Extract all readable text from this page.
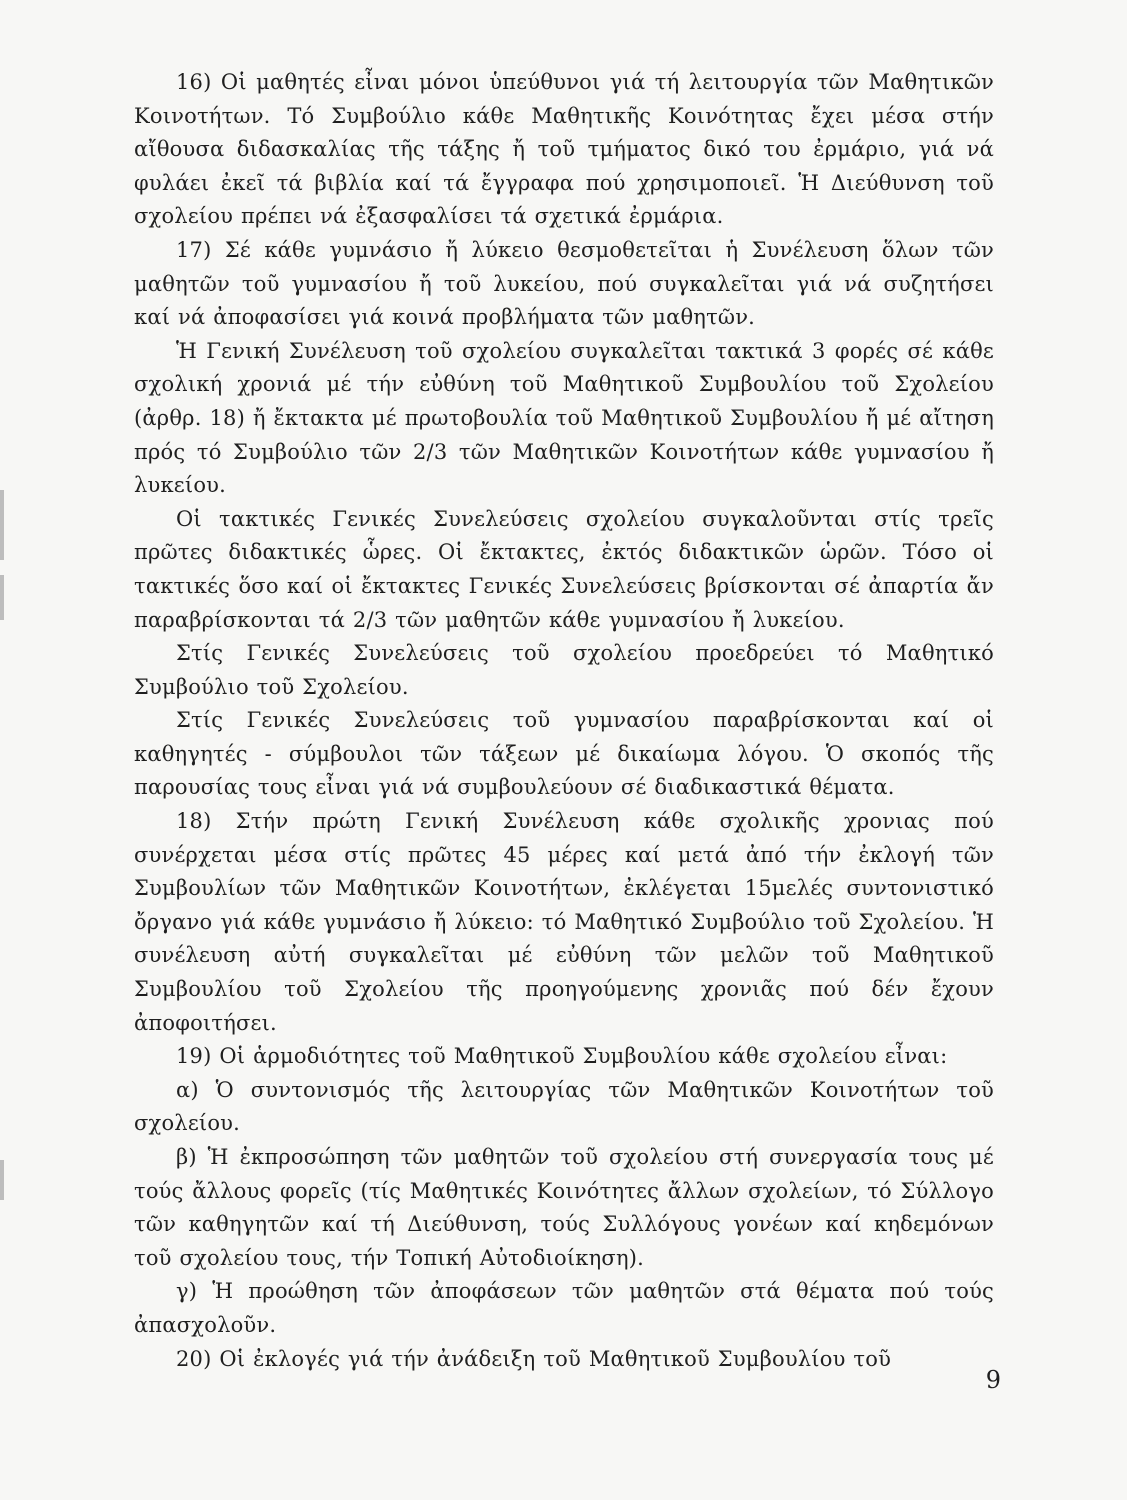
16) Οἱ μαθητές εἶναι μόνοι ὑπεύθυνοι γιά τή λειτουργία τῶν Μαθητικῶν Κοινοτήτων. Τό Συμβούλιο κάθε Μαθητικῆς Κοινότητας ἔχει μέσα στήν αἴθουσα διδασκαλίας τῆς τάξης ἤ τοῦ τμήματος δικό του ἐρμάριο, γιά νά φυλάει ἐκεῖ τά βιβλία καί τά ἔγγραφα πού χρησιμοποιεῖ. Ἡ Διεύθυνση τοῦ σχολείου πρέπει νά ἐξασφαλίσει τά σχετικά ἐρμάρια.

17) Σέ κάθε γυμνάσιο ἤ λύκειο θεσμοθετεῖται ἡ Συνέλευση ὅλων τῶν μαθητῶν τοῦ γυμνασίου ἤ τοῦ λυκείου, πού συγκαλεῖται γιά νά συζητήσει καί νά ἀποφασίσει γιά κοινά προβλήματα τῶν μαθητῶν.

Ἡ Γενική Συνέλευση τοῦ σχολείου συγκαλεῖται τακτικά 3 φορές σέ κάθε σχολική χρονιά μέ τήν εὐθύνη τοῦ Μαθητικοῦ Συμβουλίου τοῦ Σχολείου (ἀρθρ. 18) ἤ ἔκτακτα μέ πρωτοβουλία τοῦ Μαθητικοῦ Συμβουλίου ἤ μέ αἴτηση πρός τό Συμβούλιο τῶν 2/3 τῶν Μαθητικῶν Κοινοτήτων κάθε γυμνασίου ἤ λυκείου.

Οἱ τακτικές Γενικές Συνελεύσεις σχολείου συγκαλοῦνται στίς τρεῖς πρῶτες διδακτικές ὧρες. Οἱ ἔκτακτες, ἐκτός διδακτικῶν ὡρῶν. Τόσο οἱ τακτικές ὅσο καί οἱ ἔκτακτες Γενικές Συνελεύσεις βρίσκονται σέ ἀπαρτία ἄν παραβρίσκονται τά 2/3 τῶν μαθητῶν κάθε γυμνασίου ἤ λυκείου.

Στίς Γενικές Συνελεύσεις τοῦ σχολείου προεδρεύει τό Μαθητικό Συμβούλιο τοῦ Σχολείου.

Στίς Γενικές Συνελεύσεις τοῦ γυμνασίου παραβρίσκονται καί οἱ καθηγητές - σύμβουλοι τῶν τάξεων μέ δικαίωμα λόγου. Ὁ σκοπός τῆς παρουσίας τους εἶναι γιά νά συμβουλεύουν σέ διαδικαστικά θέματα.

18) Στήν πρώτη Γενική Συνέλευση κάθε σχολικῆς χρονιας πού συνέρχεται μέσα στίς πρῶτες 45 μέρες καί μετά ἀπό τήν ἐκλογή τῶν Συμβουλίων τῶν Μαθητικῶν Κοινοτήτων, ἐκλέγεται 15μελές συντονιστικό ὄργανο γιά κάθε γυμνάσιο ἤ λύκειο: τό Μαθητικό Συμβούλιο τοῦ Σχολείου. Ἡ συνέλευση αὐτή συγκαλεῖται μέ εὐθύνη τῶν μελῶν τοῦ Μαθητικοῦ Συμβουλίου τοῦ Σχολείου τῆς προηγούμενης χρονιᾶς πού δέν ἔχουν ἀποφοιτήσει.

19) Οἱ ἁρμοδιότητες τοῦ Μαθητικοῦ Συμβουλίου κάθε σχολείου εἶναι:

α) Ὁ συντονισμός τῆς λειτουργίας τῶν Μαθητικῶν Κοινοτήτων τοῦ σχολείου.

β) Ἡ ἐκπροσώπηση τῶν μαθητῶν τοῦ σχολείου στή συνεργασία τους μέ τούς ἄλλους φορεῖς (τίς Μαθητικές Κοινότητες ἄλλων σχολείων, τό Σύλλογο τῶν καθηγητῶν καί τή Διεύθυνση, τούς Συλλόγους γονέων καί κηδεμόνων τοῦ σχολείου τους, τήν Τοπική Αὐτοδιοίκηση).

γ) Ἡ προώθηση τῶν ἀποφάσεων τῶν μαθητῶν στά θέματα πού τούς ἀπασχολοῦν.

20) Οἱ ἐκλογές γιά τήν ἀνάδειξη τοῦ Μαθητικοῦ Συμβουλίου τοῦ

9
